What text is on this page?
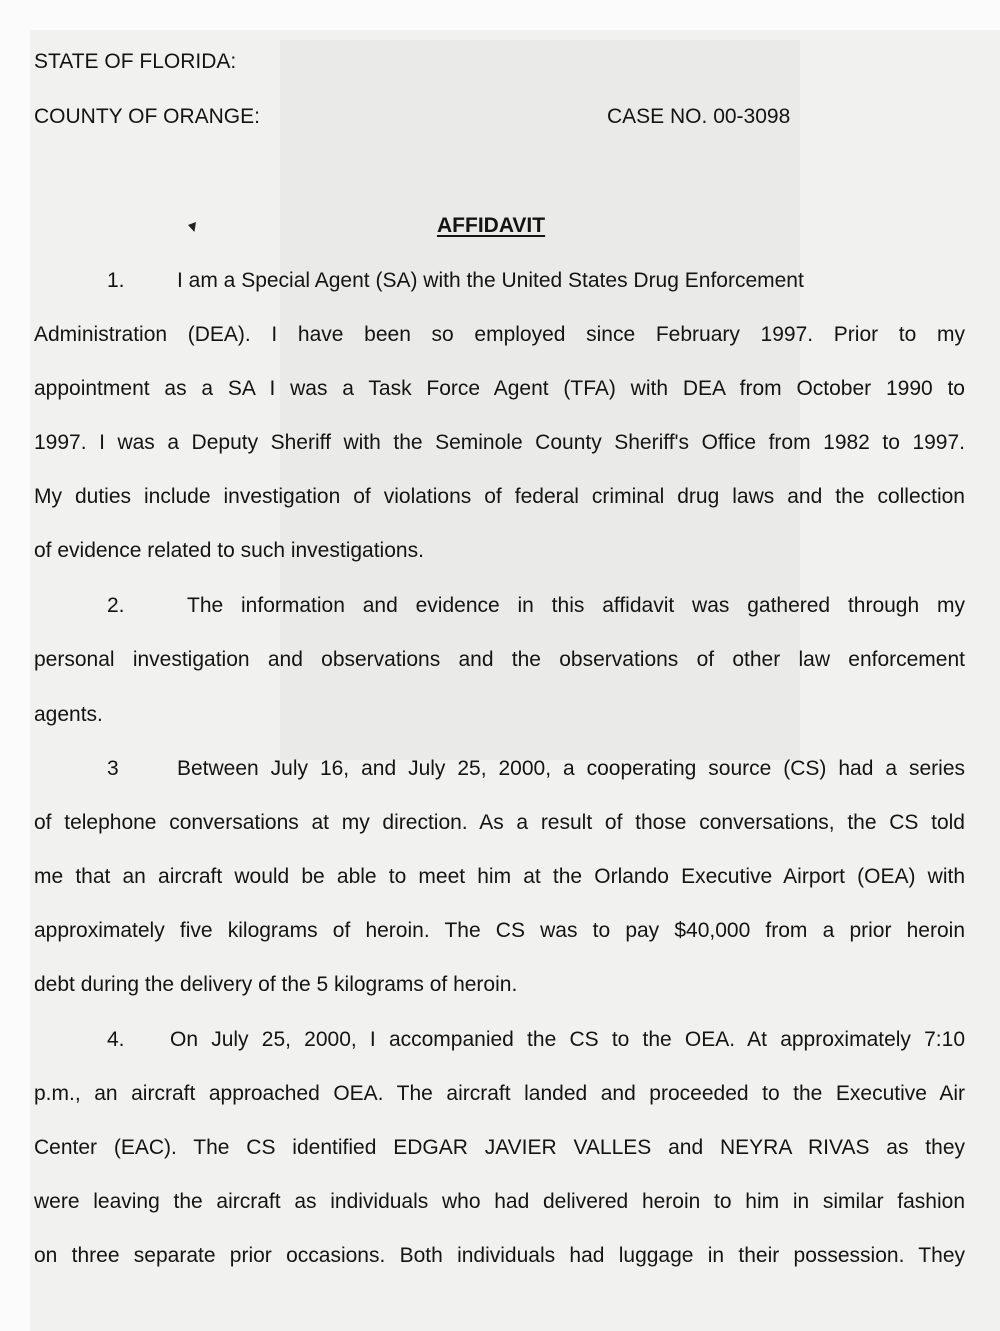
STATE OF FLORIDA:
COUNTY OF ORANGE:	CASE NO. 00-3098
AFFIDAVIT
1. I am a Special Agent (SA) with the United States Drug Enforcement
Administration (DEA). I have been so employed since February 1997. Prior to my
appointment as a SA I was a Task Force Agent (TFA) with DEA from October 1990 to
1997. I was a Deputy Sheriff with the Seminole County Sheriff's Office from 1982 to 1997.
My duties include investigation of violations of federal criminal drug laws and the collection
of evidence related to such investigations.
2.	The information and evidence in this affidavit was gathered through my
personal investigation and observations and the observations of other law enforcement
agents.
3	Between July 16, and July 25, 2000, a cooperating source (CS) had a series
of telephone conversations at my direction. As a result of those conversations, the CS told
me that an aircraft would be able to meet him at the Orlando Executive Airport (OEA) with
approximately five kilograms of heroin. The CS was to pay $40,000 from a prior heroin
debt during the delivery of the 5 kilograms of heroin.
4. On July 25, 2000, I accompanied the CS to the OEA. At approximately 7:10
p.m., an aircraft approached OEA. The aircraft landed and proceeded to the Executive Air
Center (EAC). The CS identified EDGAR JAVIER VALLES and NEYRA RIVAS as they
were leaving the aircraft as individuals who had delivered heroin to him in similar fashion
on three separate prior occasions. Both individuals had luggage in their possession. They
